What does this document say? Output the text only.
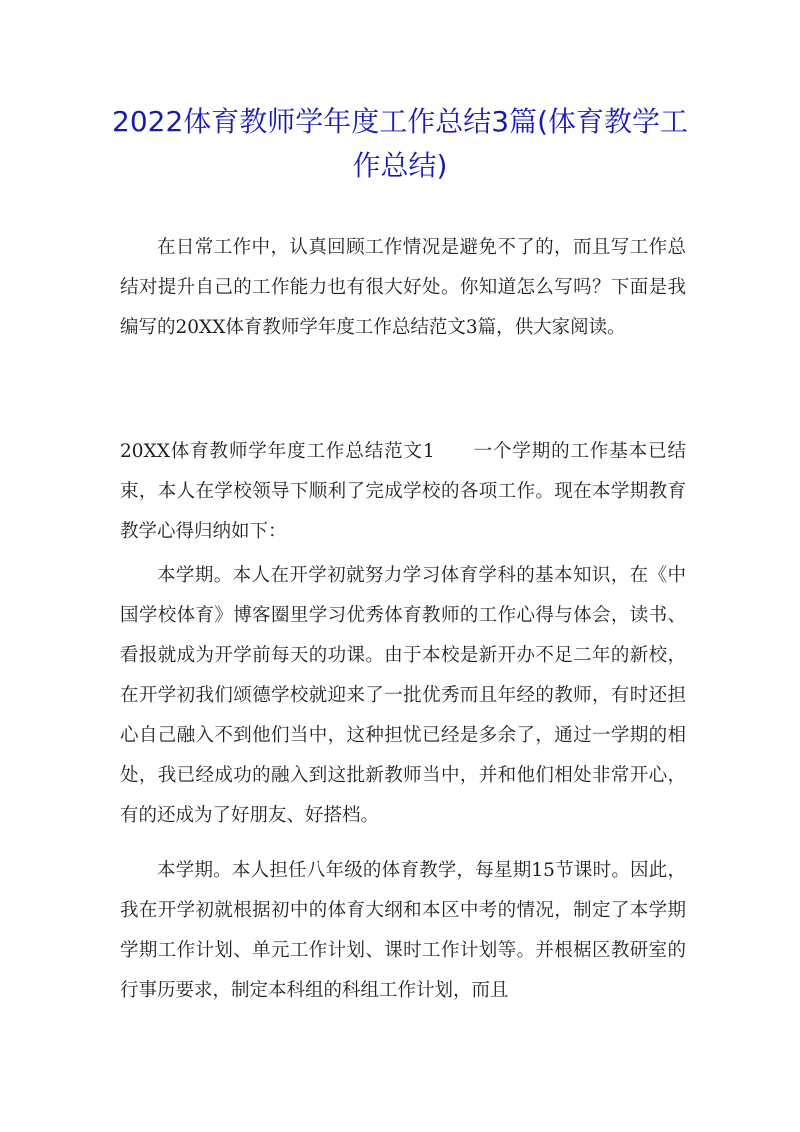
2022体育教师学年度工作总结3篇(体育教学工作总结)

在日常工作中，认真回顾工作情况是避免不了的，而且写工作总结对提升自己的工作能力也有很大好处。你知道怎么写吗？下面是我编写的20XX体育教师学年度工作总结范文3篇，供大家阅读。

20XX体育教师学年度工作总结范文1 一个学期的工作基本已结束，本人在学校领导下顺利了完成学校的各项工作。现在本学期教育教学心得归纳如下：

本学期。本人在开学初就努力学习体育学科的基本知识，在《中国学校体育》博客圈里学习优秀体育教师的工作心得与体会，读书、看报就成为开学前每天的功课。由于本校是新开办不足二年的新校，在开学初我们颂德学校就迎来了一批优秀而且年经的教师，有时还担心自己融入不到他们当中，这种担忧已经是多余了，通过一学期的相处，我已经成功的融入到这批新教师当中，并和他们相处非常开心，有的还成为了好朋友、好搭档。

本学期。本人担任八年级的体育教学，每星期15节课时。因此，我在开学初就根据初中的体育大纲和本区中考的情况，制定了本学期学期工作计划、单元工作计划、课时工作计划等。并根椐区教研室的行事历要求，制定本科组的科组工作计划，而且
